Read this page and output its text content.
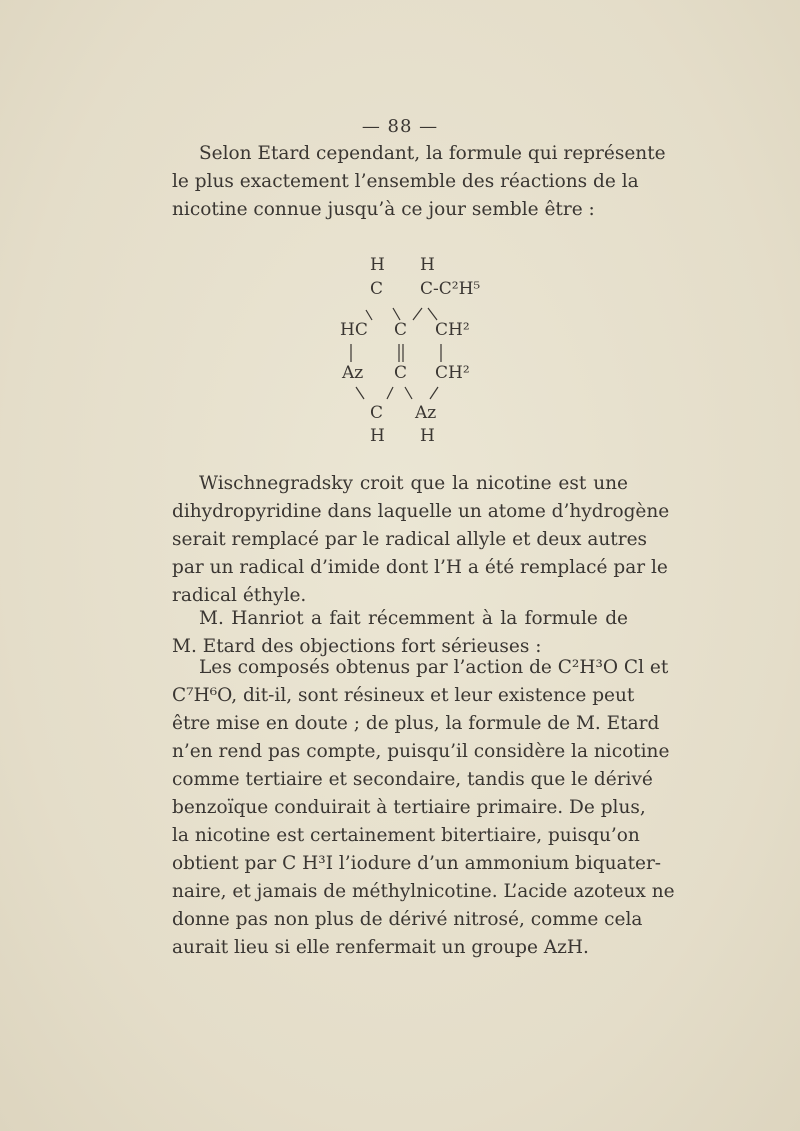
— 88 —
Selon Etard cependant, la formule qui représente
le plus exactement l’ensemble des réactions de la
nicotine connue jusqu’à ce jour semble être :
H H
C C-C²H⁵
HC C CH²
Az C CH²
C Az
H H
Wischnegradsky croit que la nicotine est une
dihydropyridine dans laquelle un atome d’hydrogène
serait remplacé par le radical allyle et deux autres
par un radical d’imide dont l’H a été remplacé par le
radical éthyle.
M. Hanriot a fait récemment à la formule de
M. Etard des objections fort sérieuses :
Les composés obtenus par l’action de C²H³O Cl et
C⁷H⁶O, dit-il, sont résineux et leur existence peut
être mise en doute ; de plus, la formule de M. Etard
n’en rend pas compte, puisqu’il considère la nicotine
comme tertiaire et secondaire, tandis que le dérivé
benzoïque conduirait à tertiaire primaire. De plus,
la nicotine est certainement bitertiaire, puisqu’on
obtient par C H³I l’iodure d’un ammonium biquater-
naire, et jamais de méthylnicotine. L’acide azoteux ne
donne pas non plus de dérivé nitrosé, comme cela
aurait lieu si elle renfermait un groupe AzH.
